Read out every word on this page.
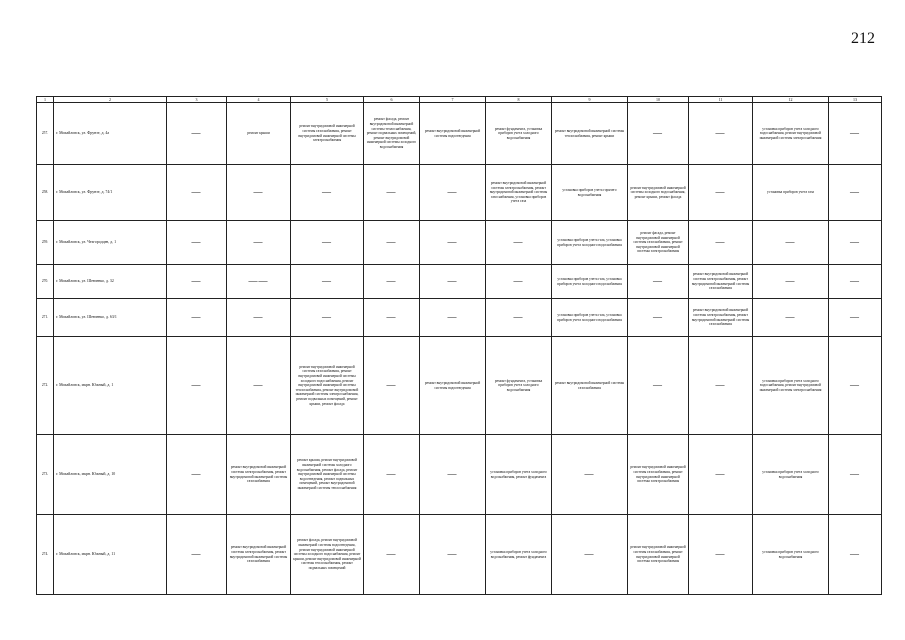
212
1	2	3	4	5	6	7	8	9	10	11	12	13
257.	г. Михайловск, ул. Фрунзе, д. 4а	—	ремонт крыши	ремонт внутридомовой инженерной системы газоснабжения, ремонт внутридомовой инженерной системы электроснабжения	ремонт фасада, ремонт внутридомовой инженерной системы теплоснабжения, ремонт подвальных помещений, ремонт внутридомовой инженерной системы холодного водоснабжения	ремонт внутридомовой инженерной системы водоотведения	ремонт фундамента, установка приборов учета холодного водоснабжения	ремонт внутридомовой инженерной системы теплоснабжения, ремонт крыши	—	—	установка приборов учета холодного водоснабжения, ремонт внутридомовой инженерной системы электроснабжения	—
258.	г. Михайловск, ул. Фрунзе, д. 74/1	—	—	—	—	—	ремонт внутридомовой инженерной системы электроснабжения, ремонт внутридомовой инженерной системы газоснабжения, установка приборов учета газа	установка приборов учета горячего водоснабжения	ремонт внутридомовой инженерной системы холодного водоснабжения, ремонт крыши, ремонт фасада	—	установка приборов учета газа	—
259.	г. Михайловск, ул. Чехгородцев, д. 1	—	—	—	—	—	—	установка приборов учета газа, установка приборов учета холодного водоснабжения	ремонт фасада, ремонт внутридомовой инженерной системы газоснабжения, ремонт внутридомовой инженерной системы электроснабжения	—	—	—
270.	г. Михайловск, ул. Шевченко, д. 32	—	——	—	—	—	—	установка приборов учета газа, установка приборов учета холодного водоснабжения	—	ремонт внутридомовой инженерной системы электроснабжения, ремонт внутридомовой инженерной системы газоснабжения	—	—
271.	г. Михайловск, ул. Шевченко, д. 63/1	—	—	—	—	—	—	установка приборов учета газа, установка приборов учета холодного водоснабжения	—	ремонт внутридомовой инженерной системы электроснабжения, ремонт внутридомовой инженерной системы газоснабжения	—	—
272.	г. Михайловск, мкрн. Южный, д. 1	—	—	ремонт внутридомовой инженерной системы газоснабжения, ремонт внутридомовой инженерной системы холодного водоснабжения, ремонт внутридомовой инженерной системы теплоснабжения, ремонт внутридомовой инженерной системы электроснабжения, ремонт подвальных помещений, ремонт крыши, ремонт фасада	—	ремонт внутридомовой инженерной системы водоотведения	ремонт фундамента, установка приборов учета холодного водоснабжения	ремонт внутридомовой инженерной системы газоснабжения	—	—	установка приборов учета холодного водоснабжения, ремонт внутридомовой инженерной системы электроснабжения	—
273.	г. Михайловск, мкрн. Южный, д. 10	—	ремонт внутридомовой инженерной системы электроснабжения, ремонт внутридомовой инженерной системы газоснабжения	ремонт крыши, ремонт внутридомовой инженерной системы холодного водоснабжения, ремонт фасада, ремонт внутридомовой инженерной системы водоотведения, ремонт подвальных помещений, ремонт внутридомовой инженерной системы теплоснабжения	—	—	установка приборов учета холодного водоснабжения, ремонт фундамента	—	ремонт внутридомовой инженерной системы газоснабжения, ремонт внутридомовой инженерной системы электроснабжения	—	установка приборов учета холодного водоснабжения	—
274.	г. Михайловск, мкрн. Южный, д. 11	—	ремонт внутридомовой инженерной системы электроснабжения, ремонт внутридомовой инженерной системы газоснабжения	ремонт фасада, ремонт внутридомовой инженерной системы водоотведения, ремонт внутридомовой инженерной системы холодного водоснабжения, ремонт крыши, ремонт внутридомовой инженерной системы теплоснабжения, ремонт подвальных помещений	—	—	установка приборов учета холодного водоснабжения, ремонт фундамента	—	ремонт внутридомовой инженерной системы газоснабжения, ремонт внутридомовой инженерной системы электроснабжения	—	установка приборов учета холодного водоснабжения	—
